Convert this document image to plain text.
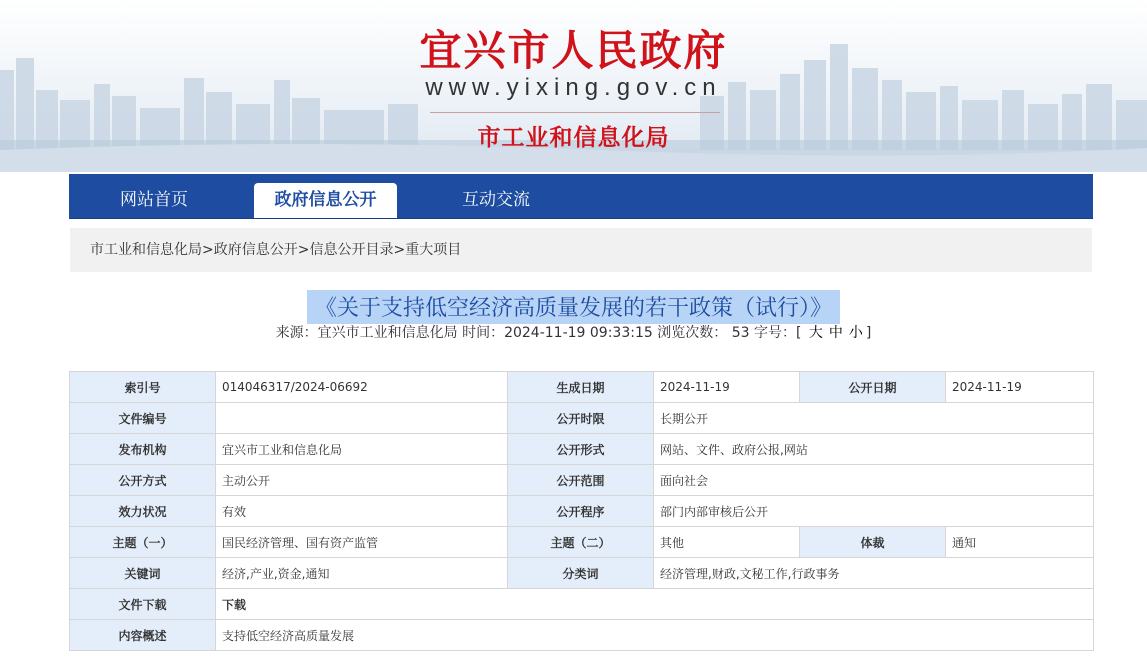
宜兴市人民政府
www.yixing.gov.cn
市工业和信息化局
网站首页	政府信息公开	互动交流
市工业和信息化局>政府信息公开>信息公开目录>重大项目
《关于支持低空经济高质量发展的若干政策（试行）》
来源：宜兴市工业和信息化局 时间：2024-11-19 09:33:15 浏览次数： 53 字号：[ 大 中 小 ]
索引号	014046317/2024-06692	生成日期	2024-11-19	公开日期	2024-11-19
文件编号		公开时限	长期公开		
发布机构	宜兴市工业和信息化局	公开形式	网站、文件、政府公报,网站		
公开方式	主动公开	公开范围	面向社会		
效力状况	有效	公开程序	部门内部审核后公开		
主题（一）	国民经济管理、国有资产监管	主题（二）	其他	体裁	通知
关键词	经济,产业,资金,通知	分类词	经济管理,财政,文秘工作,行政事务		
文件下载	下载				
内容概述	支持低空经济高质量发展				
